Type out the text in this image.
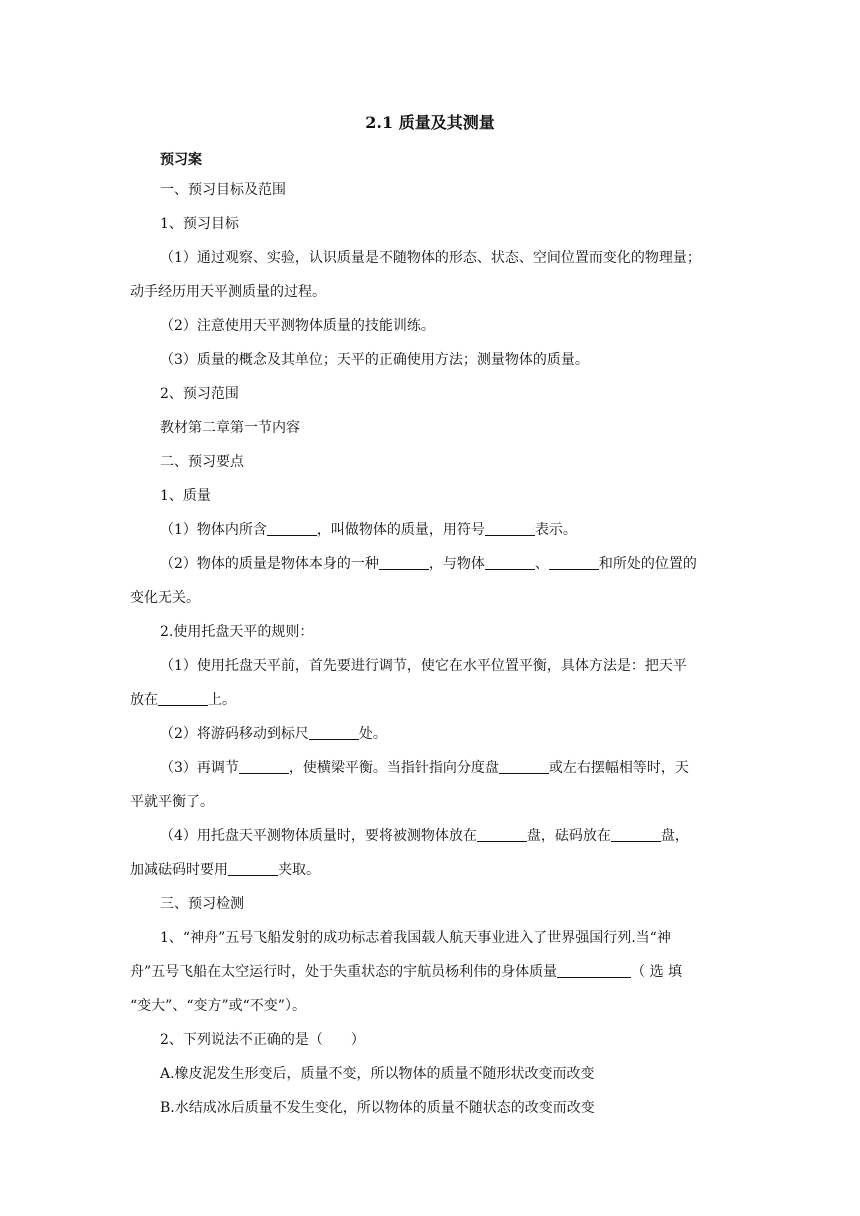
2.1 质量及其测量
预习案
一、预习目标及范围
1、预习目标
（1）通过观察、实验，认识质量是不随物体的形态、状态、空间位置而变化的物理量；
动手经历用天平测质量的过程。
（2）注意使用天平测物体质量的技能训练。
（3）质量的概念及其单位；天平的正确使用方法；测量物体的质量。
2、预习范围
教材第二章第一节内容
二、预习要点
1、质量
（1）物体内所含	，叫做物体的质量，用符号	表示。
（2）物体的质量是物体本身的一种	，与物体	、	和所处的位置的
变化无关。
2.使用托盘天平的规则：
（1）使用托盘天平前，首先要进行调节，使它在水平位置平衡，具体方法是：把天平
放在	上。
（2）将游码移动到标尺	处。
（3）再调节	，使横梁平衡。当指针指向分度盘	或左右摆幅相等时，天
平就平衡了。
（4）用托盘天平测物体质量时，要将被测物体放在	盘，砝码放在	盘，
加减砝码时要用	夹取。
三、预习检测
1、“神舟”五号飞船发射的成功标志着我国载人航天事业进入了世界强国行列.当“神
舟”五号飞船在太空运行时，处于失重状态的宇航员杨利伟的身体质量	（ 选 填
“变大”、“变方”或“不变”）。
2、下列说法不正确的是（　　）
A.橡皮泥发生形变后，质量不变，所以物体的质量不随形状改变而改变
B.水结成冰后质量不发生变化，所以物体的质量不随状态的改变而改变
